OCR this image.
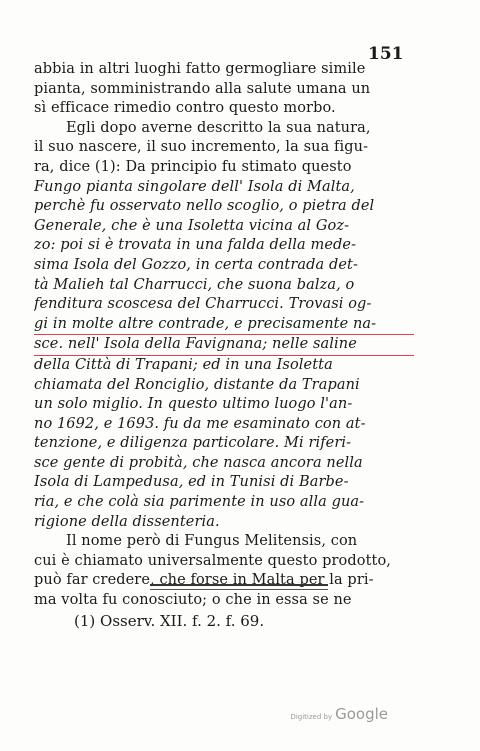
151
abbia in altri luoghi fatto germogliare simile
pianta, somministrando alla salute umana un
sì efficace rimedio contro questo morbo.
Egli dopo averne descritto la sua natura,
il suo nascere, il suo incremento, la sua figu-
ra, dice (1): Da principio fu stimato questo
Fungo pianta singolare dell' Isola di Malta,
perchè fu osservato nello scoglio, o pietra del
Generale, che è una Isoletta vicina al Goz-
zo: poi si è trovata in una falda della mede-
sima Isola del Gozzo, in certa contrada det-
tà Malieh tal Charrucci, che suona balza, o
fenditura scoscesa del Charrucci. Trovasi og-
gi in molte altre contrade, e precisamente na-
sce. nell' Isola della Favignana; nelle saline
della Città di Trapani; ed in una Isoletta
chiamata del Ronciglio, distante da Trapani
un solo miglio. In questo ultimo luogo l'an-
no 1692, e 1693. fu da me esaminato con at-
tenzione, e diligenza particolare. Mi riferi-
sce gente di probità, che nasca ancora nella
Isola di Lampedusa, ed in Tunisi di Barbe-
ria, e che colà sia parimente in uso alla gua-
rigione della dissenteria.
Il nome però di Fungus Melitensis, con
cui è chiamato universalmente questo prodotto,
può far credere, che forse in Malta per la pri-
ma volta fu conosciuto; o che in essa se ne
(1) Osserv. XII. f. 2. f. 69.
Digitized by Google
